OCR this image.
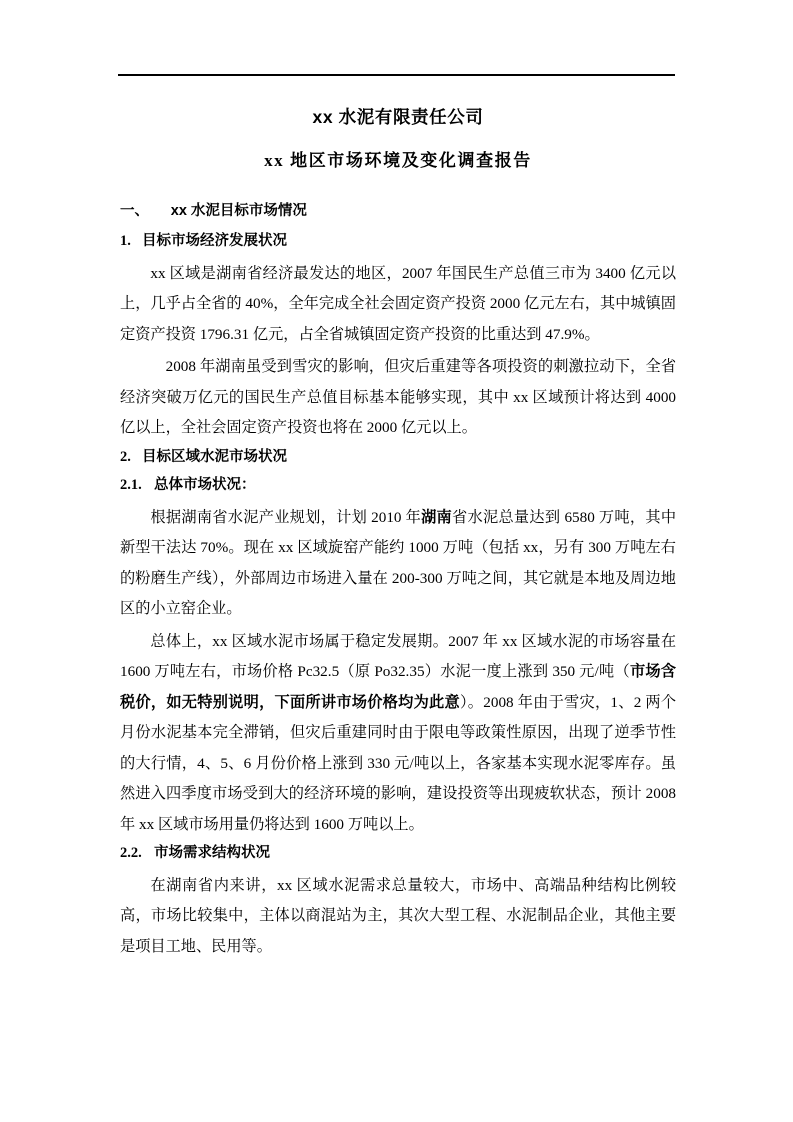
xx 水泥有限责任公司
xx 地区市场环境及变化调查报告
一、　　xx 水泥目标市场情况
1. 目标市场经济发展状况

xx 区域是湖南省经济最发达的地区，2007 年国民生产总值三市为 3400 亿元以上，几乎占全省的 40%，全年完成全社会固定资产投资 2000 亿元左右，其中城镇固定资产投资 1796.31 亿元，占全省城镇固定资产投资的比重达到 47.9%。

2008 年湖南虽受到雪灾的影响，但灾后重建等各项投资的刺激拉动下，全省经济突破万亿元的国民生产总值目标基本能够实现，其中 xx 区域预计将达到 4000 亿以上，全社会固定资产投资也将在 2000 亿元以上。

2. 目标区域水泥市场状况
2.1. 总体市场状况：

根据湖南省水泥产业规划，计划 2010 年湖南省水泥总量达到 6580 万吨，其中新型干法达 70%。现在 xx 区域旋窑产能约 1000 万吨（包括 xx，另有 300 万吨左右的粉磨生产线），外部周边市场进入量在 200-300 万吨之间，其它就是本地及周边地区的小立窑企业。

总体上，xx 区域水泥市场属于稳定发展期。2007 年 xx 区域水泥的市场容量在 1600 万吨左右，市场价格 Pc32.5（原 Po32.35）水泥一度上涨到 350 元/吨（市场含税价，如无特别说明，下面所讲市场价格均为此意）。2008 年由于雪灾，1、2 两个月份水泥基本完全滞销，但灾后重建同时由于限电等政策性原因，出现了逆季节性的大行情，4、5、6 月份价格上涨到 330 元/吨以上，各家基本实现水泥零库存。虽然进入四季度市场受到大的经济环境的影响，建设投资等出现疲软状态，预计 2008 年 xx 区域市场用量仍将达到 1600 万吨以上。

2.2. 市场需求结构状况

在湖南省内来讲，xx 区域水泥需求总量较大，市场中、高端品种结构比例较高，市场比较集中，主体以商混站为主，其次大型工程、水泥制品企业，其他主要是项目工地、民用等。
